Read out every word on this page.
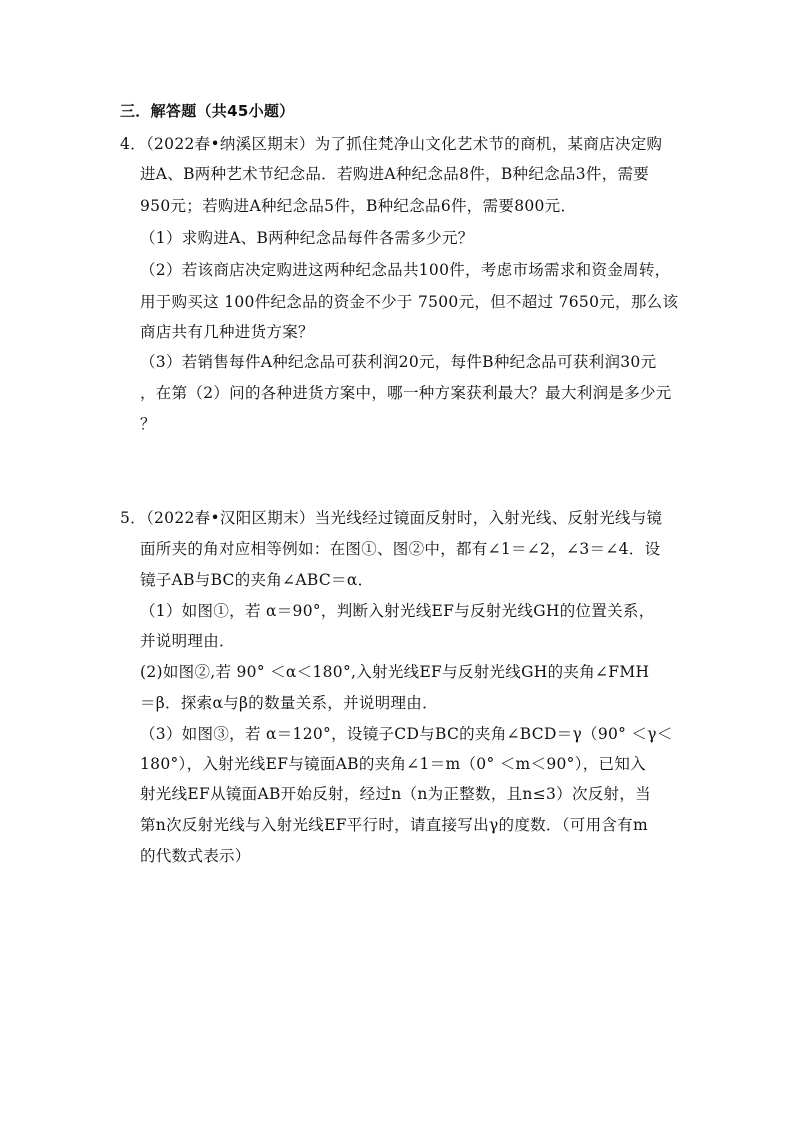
三．解答题（共45小题）
4．（2022春•纳溪区期末）为了抓住梵净山文化艺术节的商机，某商店决定购
进A、B两种艺术节纪念品．若购进A种纪念品8件，B种纪念品3件，需要
950元；若购进A种纪念品5件，B种纪念品6件，需要800元．
（1）求购进A、B两种纪念品每件各需多少元？
（2）若该商店决定购进这两种纪念品共100件，考虑市场需求和资金周转，
用于购买这 100件纪念品的资金不少于 7500元，但不超过 7650元，那么该
商店共有几种进货方案？
（3）若销售每件A种纪念品可获利润20元，每件B种纪念品可获利润30元
，在第（2）问的各种进货方案中，哪一种方案获利最大？最大利润是多少元
？
5．（2022春•汉阳区期末）当光线经过镜面反射时，入射光线、反射光线与镜
面所夹的角对应相等例如：在图①、图②中，都有∠1＝∠2，∠3＝∠4．设
镜子AB与BC的夹角∠ABC＝α．
（1）如图①，若 α＝90°，判断入射光线EF与反射光线GH的位置关系，
并说明理由．
(2)如图②,若 90° ＜α＜180°,入射光线EF与反射光线GH的夹角∠FMH
＝β．探索α与β的数量关系，并说明理由．
（3）如图③，若 α＝120°，设镜子CD与BC的夹角∠BCD＝γ（90° ＜γ＜
180°），入射光线EF与镜面AB的夹角∠1＝m（0° ＜m＜90°），已知入
射光线EF从镜面AB开始反射，经过n（n为正整数，且n≤3）次反射，当
第n次反射光线与入射光线EF平行时，请直接写出γ的度数．（可用含有m
的代数式表示）
